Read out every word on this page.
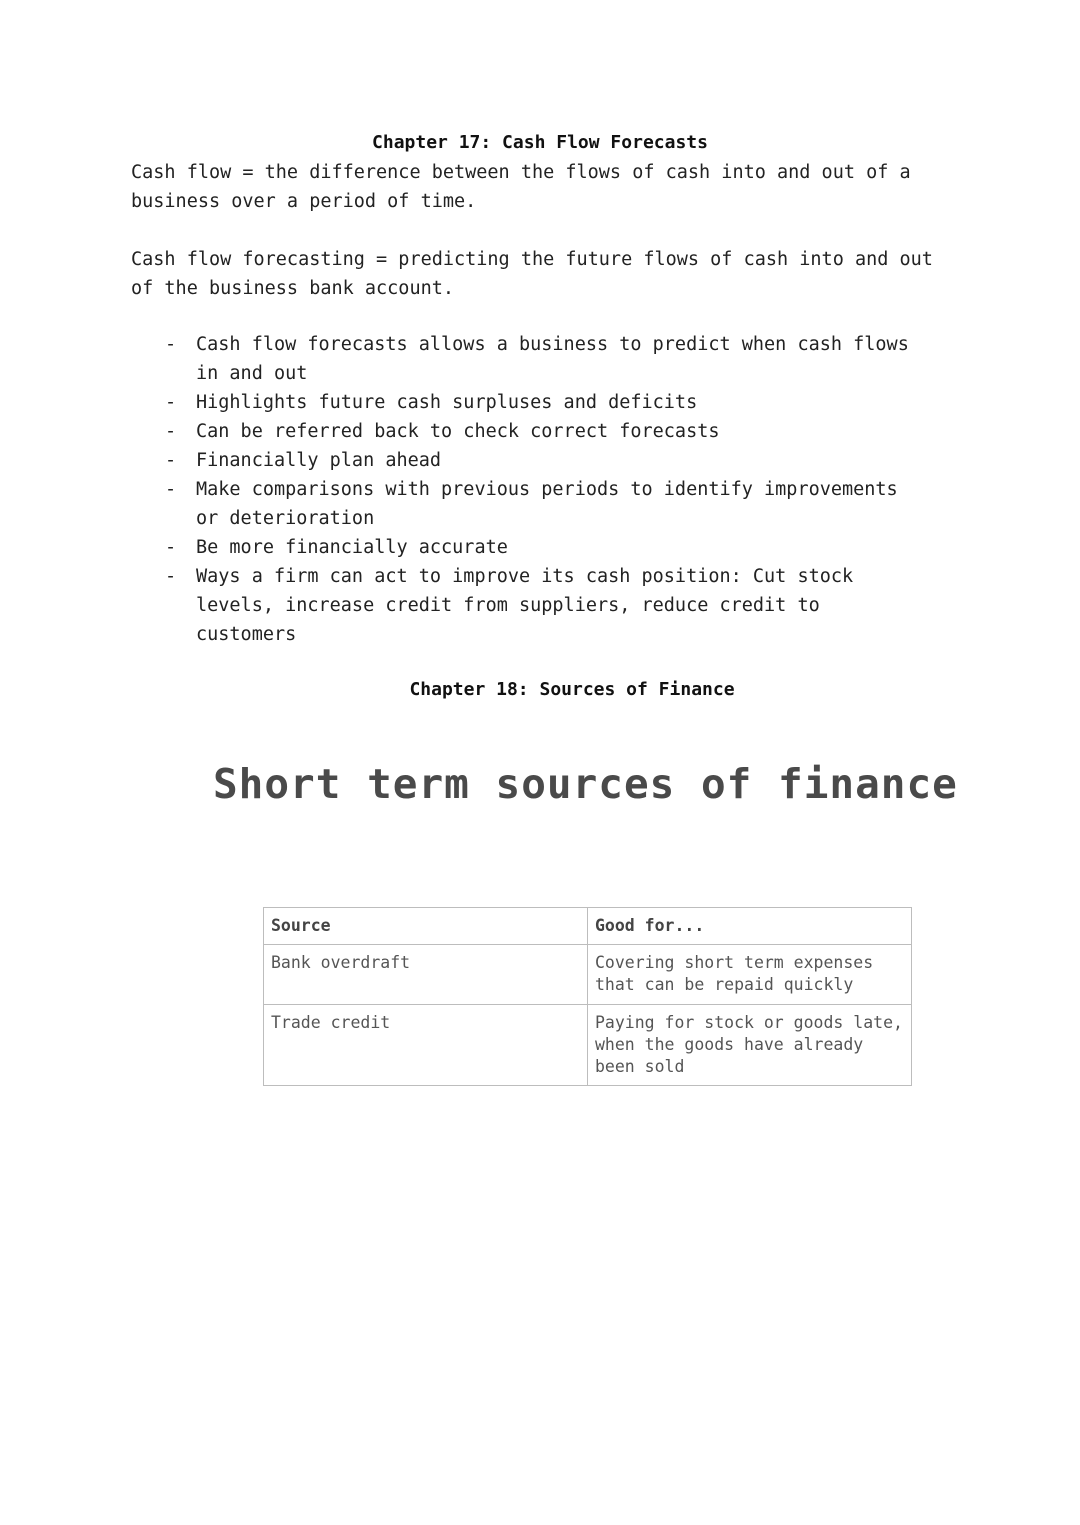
Chapter 17: Cash Flow Forecasts
Cash flow = the difference between the flows of cash into and out of a business over a period of time.
Cash flow forecasting = predicting the future flows of cash into and out of the business bank account.
- Cash flow forecasts allows a business to predict when cash flows in and out
- Highlights future cash surpluses and deficits
- Can be referred back to check correct forecasts
- Financially plan ahead
- Make comparisons with previous periods to identify improvements or deterioration
- Be more financially accurate
- Ways a firm can act to improve its cash position: Cut stock levels, increase credit from suppliers, reduce credit to customers
Chapter 18: Sources of Finance
Short term sources of finance
Source	Good for...
Bank overdraft	Covering short term expenses that can be repaid quickly
Trade credit	Paying for stock or goods late, when the goods have already been sold
